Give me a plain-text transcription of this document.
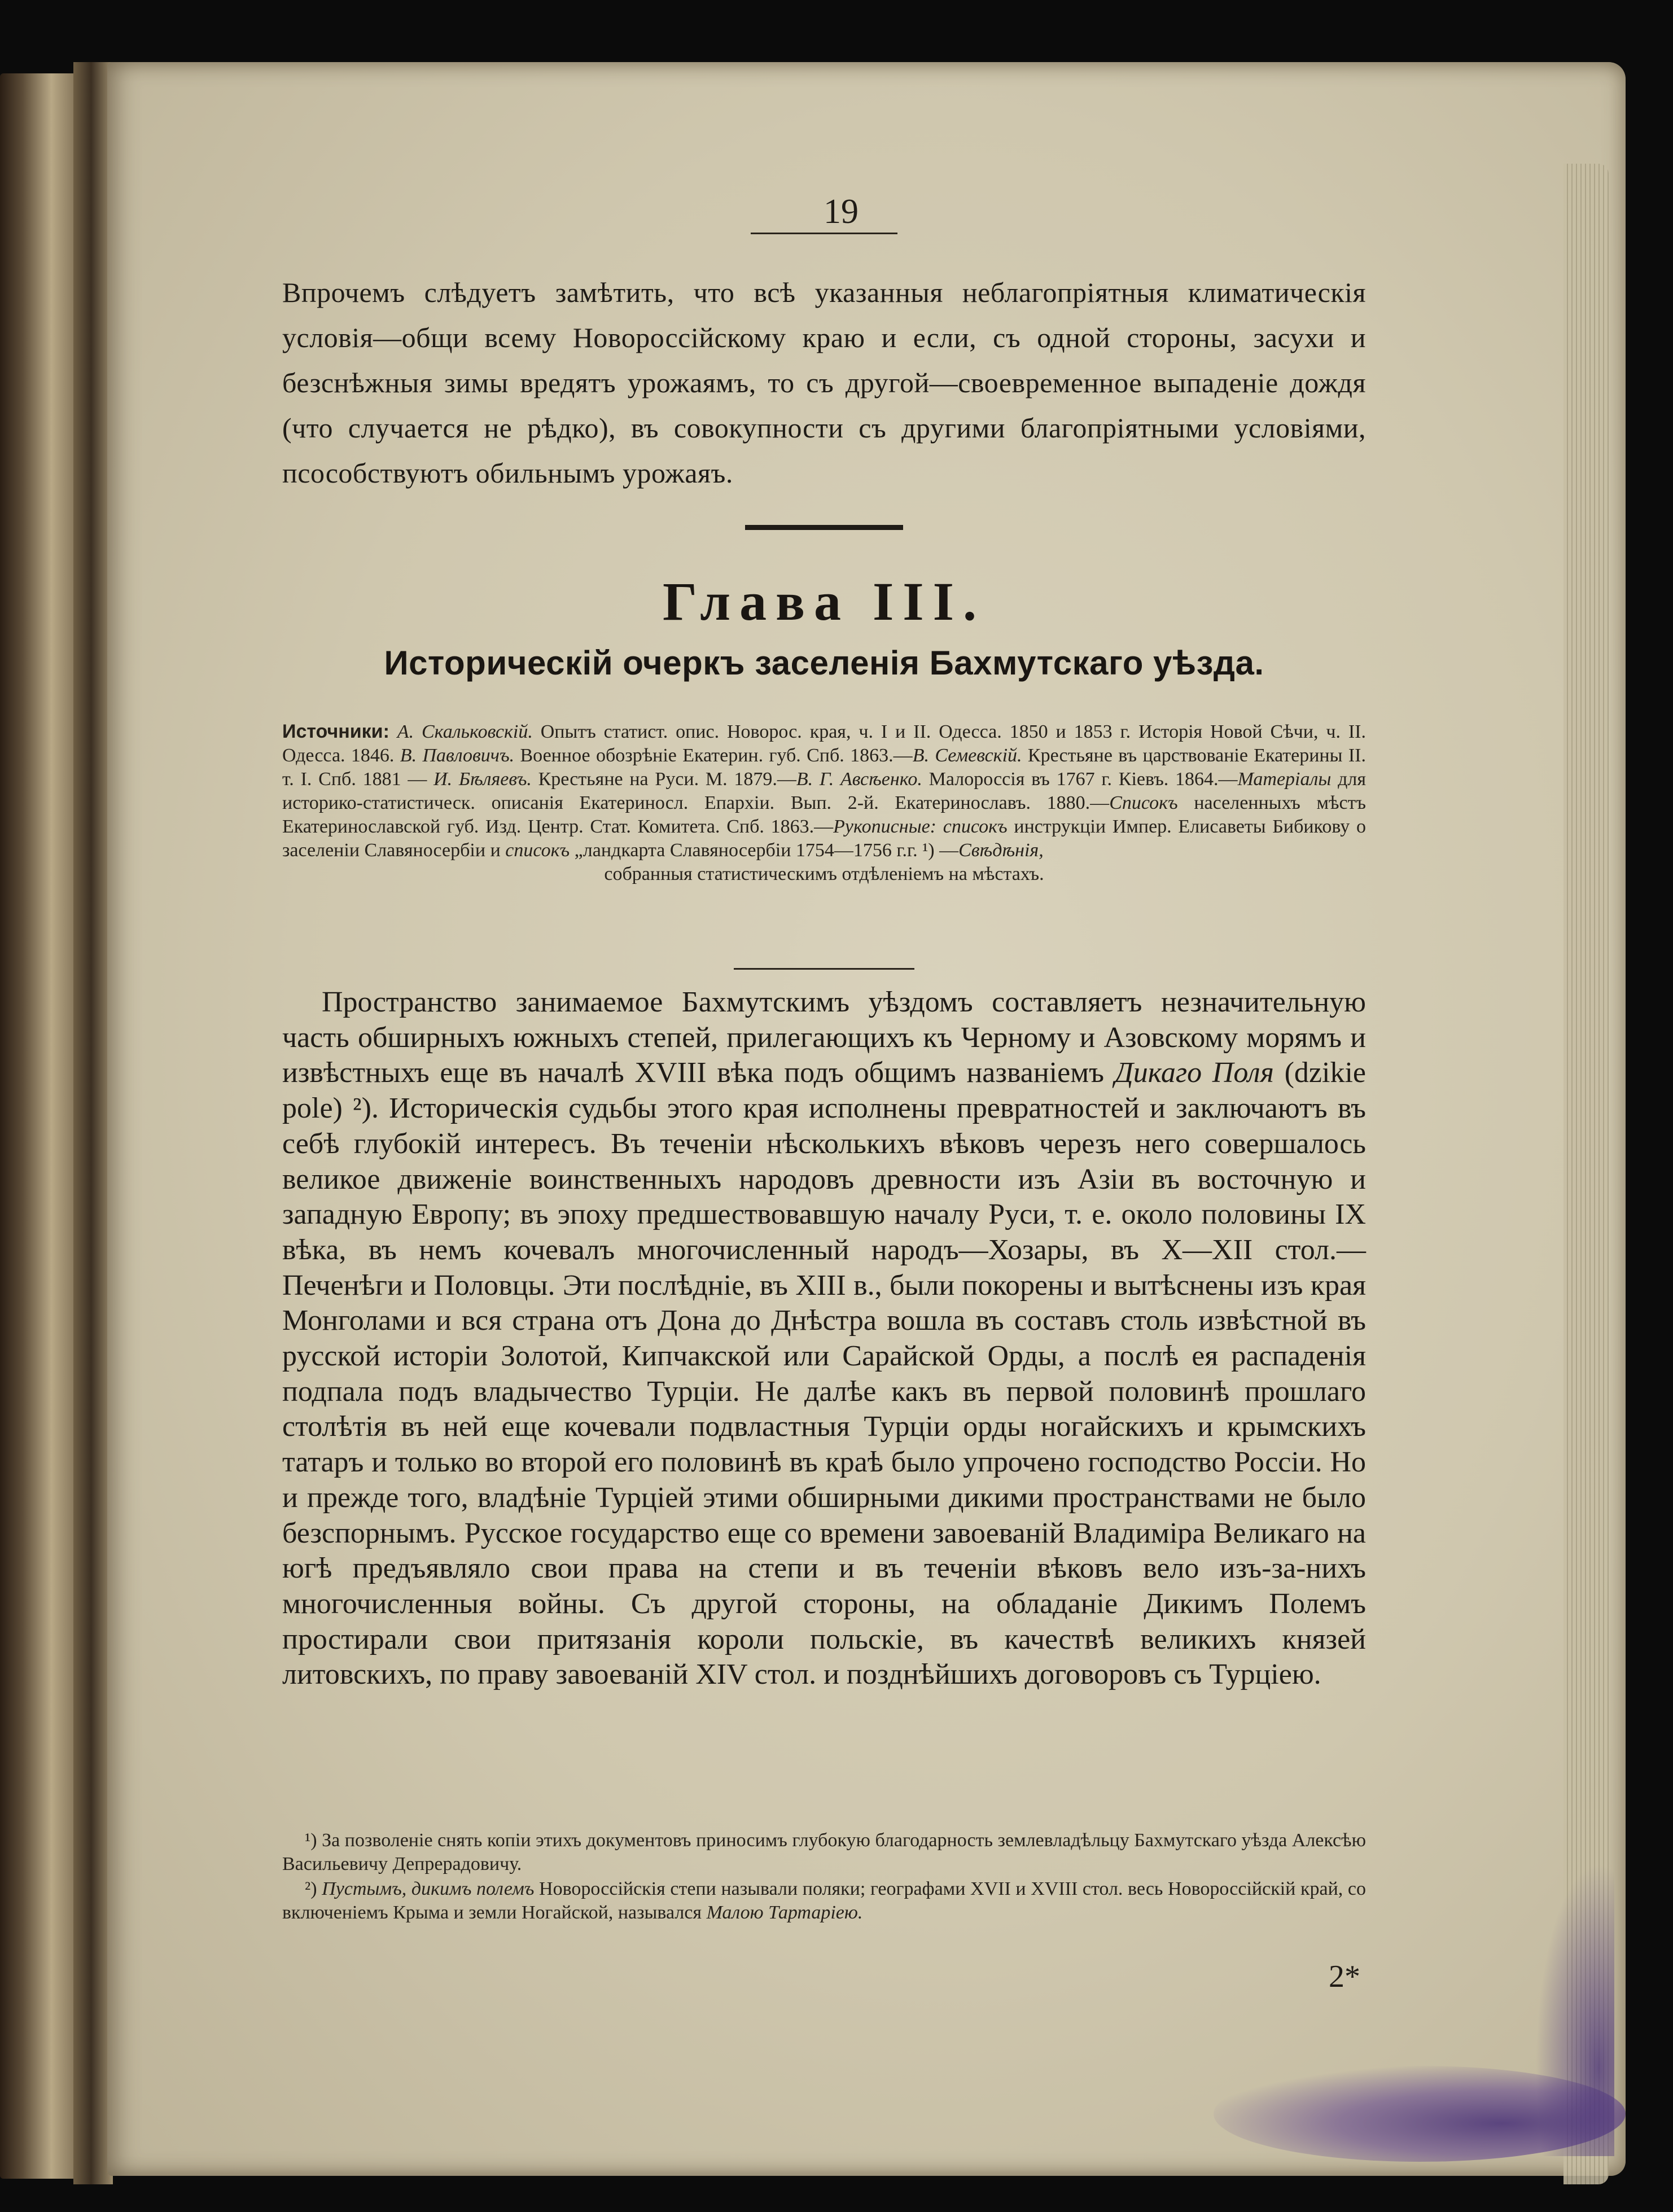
19
Впрочемъ слѣдуетъ замѣтить, что всѣ указанныя неблагопріятныя климатическія условія—общи всему Новороссійскому краю и если, съ одной стороны, засухи и безснѣжныя зимы вредятъ урожаямъ, то съ другой—своевременное выпаденіе дождя (что случается не рѣдко), въ совокупности съ другими благопріятными условіями, псособствуютъ обильнымъ урожаяъ.
Глава III.
Историческій очеркъ заселенія Бахмутскаго уѣзда.
Источники: А. Скальковскій. Опытъ статист. опис. Новорос. края, ч. I и II. Одесса. 1850 и 1853 г. Исторія Новой Сѣчи, ч. II. Одесса. 1846. В. Павловичъ. Военное обозрѣніе Екатерин. губ. Спб. 1863.—В. Семевскій. Крестьяне въ царствованіе Екатерины II. т. I. Спб. 1881 — И. Бѣляевъ. Крестьяне на Руси. М. 1879.—В. Г. Авсѣенко. Малороссія въ 1767 г. Кіевъ. 1864.—Матеріалы для историко-статистическ. описанія Екатериносл. Епархіи. Вып. 2-й. Екатеринославъ. 1880.—Списокъ населенныхъ мѣстъ Екатеринославской губ. Изд. Центр. Стат. Комитета. Спб. 1863.—Рукописные: списокъ инструкціи Импер. Елисаветы Бибикову о заселеніи Славяносербіи и списокъ „ландкарта Славяносербіи 1754—1756 г.г. ¹) —Свѣдѣнія,
собранныя статистическимъ отдѣленіемъ на мѣстахъ.
Пространство занимаемое Бахмутскимъ уѣздомъ составляетъ незначительную часть обширныхъ южныхъ степей, прилегающихъ къ Черному и Азовскому морямъ и извѣстныхъ еще въ началѣ XVIII вѣка подъ общимъ названіемъ Дикаго Поля (dzikie pole) ²). Историческія судьбы этого края исполнены превратностей и заключаютъ въ себѣ глубокій интересъ. Въ теченіи нѣсколькихъ вѣковъ черезъ него совершалось великое движеніе воинственныхъ народовъ древности изъ Азіи въ восточную и западную Европу; въ эпоху предшествовавшую началу Руси, т. е. около половины IX вѣка, въ немъ кочевалъ многочисленный народъ—Хозары, въ X—XII стол.—Печенѣги и Половцы. Эти послѣдніе, въ XIII в., были покорены и вытѣснены изъ края Монголами и вся страна отъ Дона до Днѣстра вошла въ составъ столь извѣстной въ русской исторіи Золотой, Кипчакской или Сарайской Орды, а послѣ ея распаденія подпала подъ владычество Турціи. Не далѣе какъ въ первой половинѣ прошлаго столѣтія въ ней еще кочевали подвластныя Турціи орды ногайскихъ и крымскихъ татаръ и только во второй его половинѣ въ краѣ было упрочено господство Россіи. Но и прежде того, владѣніе Турціей этими обширными дикими пространствами не было безспорнымъ. Русское государство еще со времени завоеваній Владиміра Великаго на югѣ предъявляло свои права на степи и въ теченіи вѣковъ вело изъ-за-нихъ многочисленныя войны. Съ другой стороны, на обладаніе Дикимъ Полемъ простирали свои притязанія короли польскіе, въ качествѣ великихъ князей литовскихъ, по праву завоеваній XIV стол. и позднѣйшихъ договоровъ съ Турціею.

¹) За позволеніе снять копіи этихъ документовъ приносимъ глубокую благодарность землевладѣльцу Бахмутскаго уѣзда Алексѣю Васильевичу Депрерадовичу.

²) Пустымъ, дикимъ полемъ Новороссійскія степи называли поляки; географами XVII и XVIII стол. весь Новороссійскій край, со включеніемъ Крыма и земли Ногайской, назывался Малою Тартаріею.

2*
